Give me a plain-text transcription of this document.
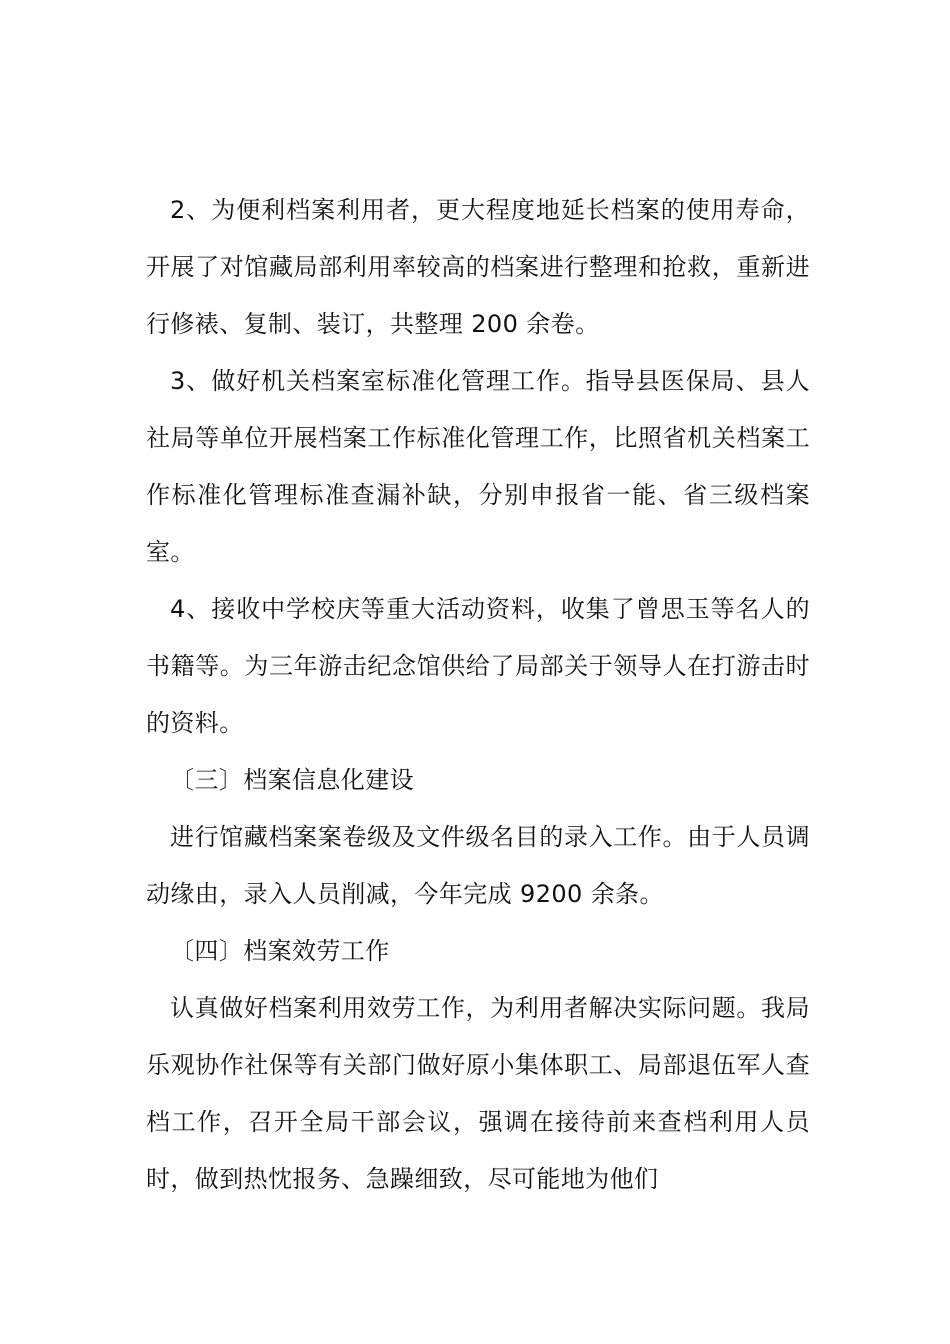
2、为便利档案利用者，更大程度地延长档案的使用寿命，开展了对馆藏局部利用率较高的档案进行整理和抢救，重新进行修裱、复制、装订，共整理 200 余卷。

3、做好机关档案室标准化管理工作。指导县医保局、县人社局等单位开展档案工作标准化管理工作，比照省机关档案工作标准化管理标准查漏补缺，分别申报省一能、省三级档案室。

4、接收中学校庆等重大活动资料，收集了曾思玉等名人的书籍等。为三年游击纪念馆供给了局部关于领导人在打游击时的资料。

〔三〕档案信息化建设

进行馆藏档案案卷级及文件级名目的录入工作。由于人员调动缘由，录入人员削减，今年完成 9200 余条。

〔四〕档案效劳工作

认真做好档案利用效劳工作，为利用者解决实际问题。我局乐观协作社保等有关部门做好原小集体职工、局部退伍军人查档工作，召开全局干部会议，强调在接待前来查档利用人员时，做到热忱报务、急躁细致，尽可能地为他们
